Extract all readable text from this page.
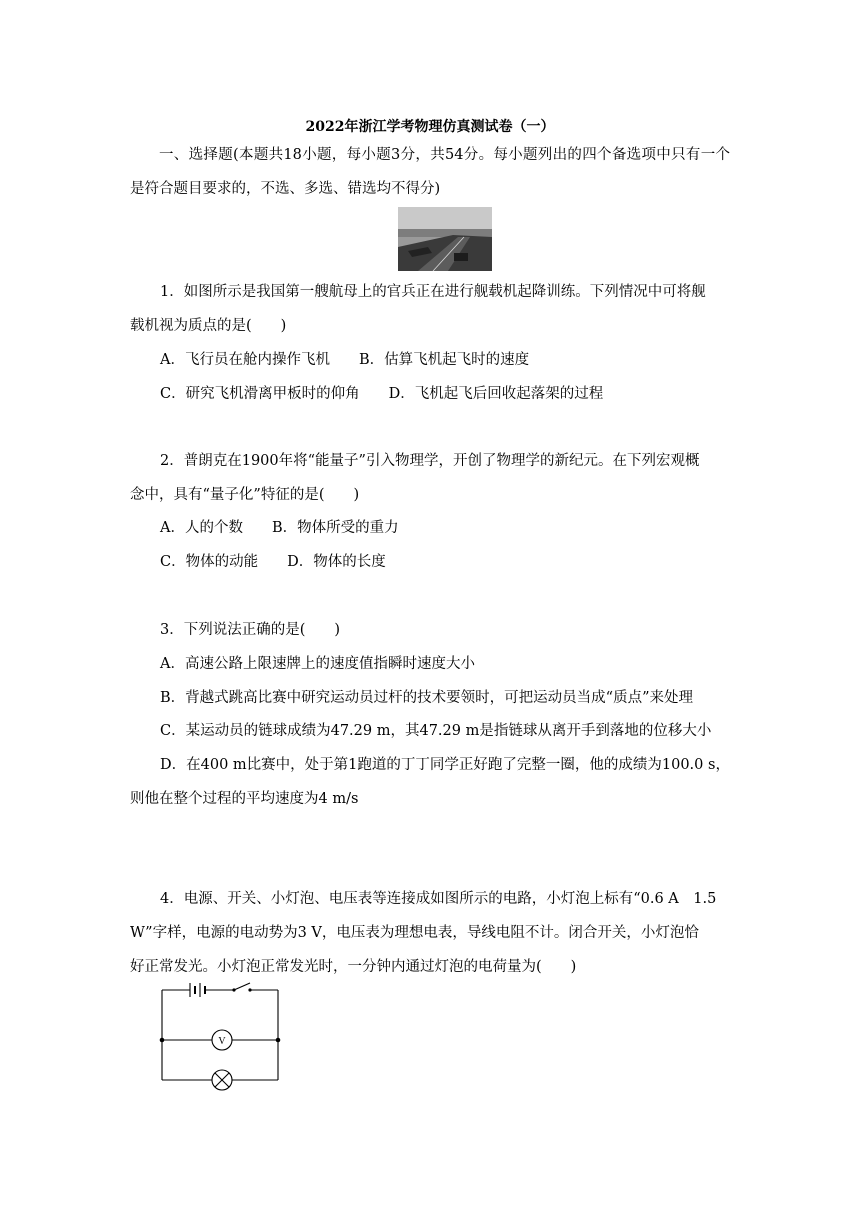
2022年浙江学考物理仿真测试卷（一）
一、选择题(本题共18小题，每小题3分，共54分。每小题列出的四个备选项中只有一个是符合题目要求的，不选、多选、错选均不得分)
1．如图所示是我国第一艘航母上的官兵正在进行舰载机起降训练。下列情况中可将舰
载机视为质点的是(　　)
A．飞行员在舱内操作飞机　　B．估算飞机起飞时的速度
C．研究飞机滑离甲板时的仰角　　D．飞机起飞后回收起落架的过程
2．普朗克在1900年将“能量子”引入物理学，开创了物理学的新纪元。在下列宏观概
念中，具有“量子化”特征的是(　　)
A．人的个数　　B．物体所受的重力
C．物体的动能　　D．物体的长度
3．下列说法正确的是(　　)
A．高速公路上限速牌上的速度值指瞬时速度大小
B．背越式跳高比赛中研究运动员过杆的技术要领时，可把运动员当成“质点”来处理
C．某运动员的链球成绩为47.29 m，其47.29 m是指链球从离开手到落地的位移大小
D．在400 m比赛中，处于第1跑道的丁丁同学正好跑了完整一圈，他的成绩为100.0 s，
则他在整个过程的平均速度为4 m/s
4．电源、开关、小灯泡、电压表等连接成如图所示的电路，小灯泡上标有“0.6 A　1.5
W”字样，电源的电动势为3 V，电压表为理想电表，导线电阻不计。闭合开关，小灯泡恰
好正常发光。小灯泡正常发光时，一分钟内通过灯泡的电荷量为(　　)
V
